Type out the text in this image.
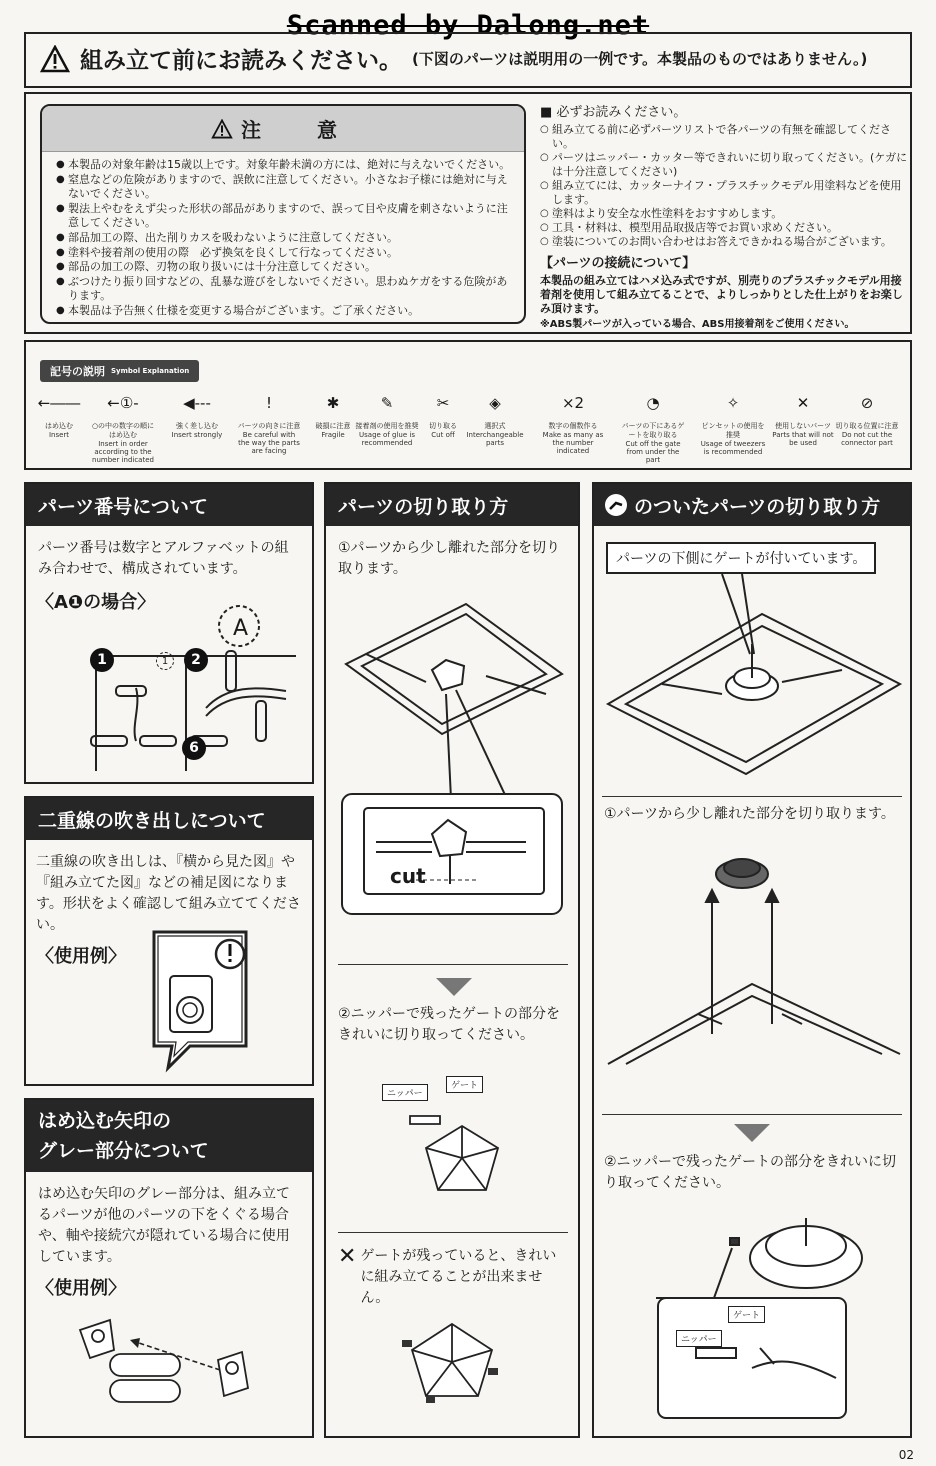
Scanned by Dalong.net
組み立て前にお読みください。 (下図のパーツは説明用の一例です。本製品のものではありません。)
注　意
● 本製品の対象年齢は15歳以上です。対象年齢未満の方には、絶対に与えないでください。
● 窒息などの危険がありますので、誤飲に注意してください。小さなお子様には絶対に与えないでください。
● 製法上やむをえず尖った形状の部品がありますので、誤って目や皮膚を刺さないように注意してください。
● 部品加工の際、出た削りカスを吸わないように注意してください。
● 塗料や接着剤の使用の際　必ず換気を良くして行なってください。
● 部品の加工の際、刃物の取り扱いには十分注意してください。
● ぶつけたり振り回すなどの、乱暴な遊びをしないでください。思わぬケガをする危険があります。
● 本製品は予告無く仕様を変更する場合がございます。ご了承ください。
■ 必ずお読みください。
○ 組み立てる前に必ずパーツリストで各パーツの有無を確認してください。
○ パーツはニッパー・カッター等できれいに切り取ってください。(ケガには十分注意してください)
○ 組み立てには、カッターナイフ・プラスチックモデル用塗料などを使用します。
○ 塗料はより安全な水性塗料をおすすめします。
○ 工具・材料は、模型用品取扱店等でお買い求めください。
○ 塗装についてのお問い合わせはお答えできかねる場合がございます。
【パーツの接続について】
本製品の組み立てはハメ込み式ですが、別売りのプラスチックモデル用接着剤を使用して組み立てることで、よりしっかりとした仕上がりをお楽しみ頂けます。
※ABS製パーツが入っている場合、ABS用接着剤をご使用ください。
記号の説明 Symbol Explanation
←――
はめ込む
Insert
←①-
○の中の数字の順にはめ込む
Insert in order according to the number indicated
◀---
強く差し込む
Insert strongly
!
パーツの向きに注意
Be careful with the way the parts are facing
✱
破損に注意
Fragile
✎
接着剤の使用を推奨
Usage of glue is recommended
✂
切り取る
Cut off
◈
選択式
Interchangeable parts
×2
数字の個数作る
Make as many as the number indicated
◔
パーツの下にあるゲートを取り取る
Cut off the gate from under the part
✧
ピンセットの使用を推奨
Usage of tweezers is recommended
✕
使用しないパーツ
Parts that will not be used
⊘
切り取る位置に注意
Do not cut the connector part
パーツ番号について
パーツ番号は数字とアルファベットの組み合わせで、構成されています。
〈A❶の場合〉
A
1	1	2
6
二重線の吹き出しについて
二重線の吹き出しは、『横から見た図』や『組み立てた図』などの補足図になります。形状をよく確認して組み立ててください。
〈使用例〉
はめ込む矢印の
グレー部分について
はめ込む矢印のグレー部分は、組み立てるパーツが他のパーツの下をくぐる場合や、軸や接続穴が隠れている場合に使用しています。
〈使用例〉
パーツの切り取り方
①パーツから少し離れた部分を切り取ります。
cut
②ニッパーで残ったゲートの部分をきれいに切り取ってください。
ニッパー
ゲート
✕ ゲートが残っていると、きれいに組み立てることが出来ません。
のついたパーツの切り取り方
パーツの下側にゲートが付いています。
①パーツから少し離れた部分を切り取ります。
②ニッパーで残ったゲートの部分をきれいに切り取ってください。
ゲート
ニッパー
02
